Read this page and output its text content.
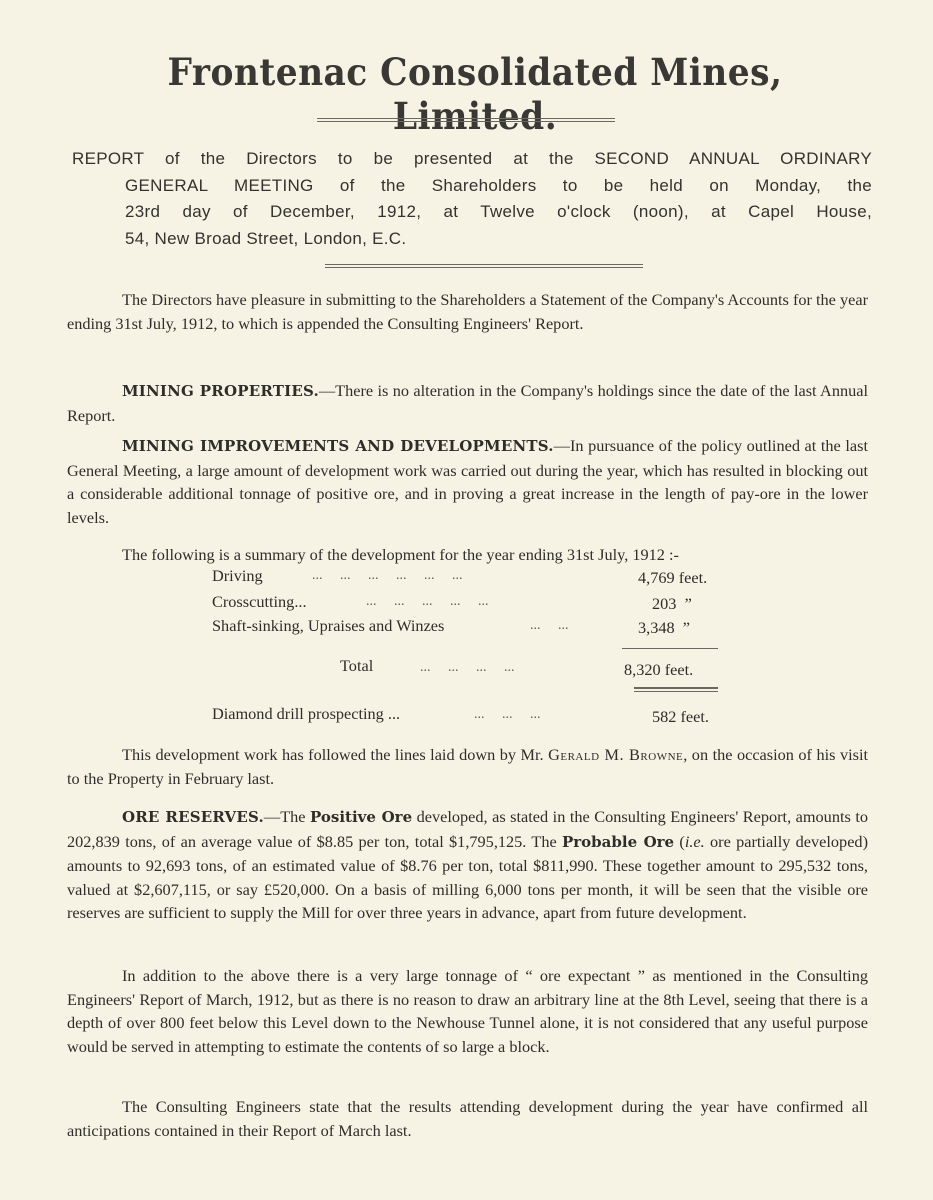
Frontenac Consolidated Mines, Limited.
REPORT of the Directors to be presented at the SECOND ANNUAL ORDINARY
GENERAL MEETING of the Shareholders to be held on Monday, the
23rd day of December, 1912, at Twelve o'clock (noon), at Capel House,
54, New Broad Street, London, E.C.
The Directors have pleasure in submitting to the Shareholders a Statement of the Company's Accounts for the year ending 31st July, 1912, to which is appended the Consulting Engineers' Report.
MINING PROPERTIES.—There is no alteration in the Company's holdings since the date of the last Annual Report.
MINING IMPROVEMENTS AND DEVELOPMENTS.—In pursuance of the policy outlined at the last General Meeting, a large amount of development work was carried out during the year, which has resulted in blocking out a considerable additional tonnage of positive ore, and in proving a great increase in the length of pay-ore in the lower levels.
The following is a summary of the development for the year ending 31st July, 1912 :-
Driving	... ... ... ... ... ...	4,769 feet.
Crosscutting...	... ... ... ... ...	203 ”
Shaft-sinking, Upraises and Winzes	... ...	3,348 ”
Total	... ... ... ...	8,320 feet.
Diamond drill prospecting ...	... ... ...	582 feet.
This development work has followed the lines laid down by Mr. Gerald M. Browne, on the occasion of his visit to the Property in February last.
ORE RESERVES.—The Positive Ore developed, as stated in the Consulting Engineers' Report, amounts to 202,839 tons, of an average value of $8.85 per ton, total $1,795,125. The Probable Ore (i.e. ore partially developed) amounts to 92,693 tons, of an estimated value of $8.76 per ton, total $811,990. These together amount to 295,532 tons, valued at $2,607,115, or say £520,000. On a basis of milling 6,000 tons per month, it will be seen that the visible ore reserves are sufficient to supply the Mill for over three years in advance, apart from future development.
In addition to the above there is a very large tonnage of “ ore expectant ” as mentioned in the Consulting Engineers' Report of March, 1912, but as there is no reason to draw an arbitrary line at the 8th Level, seeing that there is a depth of over 800 feet below this Level down to the Newhouse Tunnel alone, it is not considered that any useful purpose would be served in attempting to estimate the contents of so large a block.
The Consulting Engineers state that the results attending development during the year have confirmed all anticipations contained in their Report of March last.
